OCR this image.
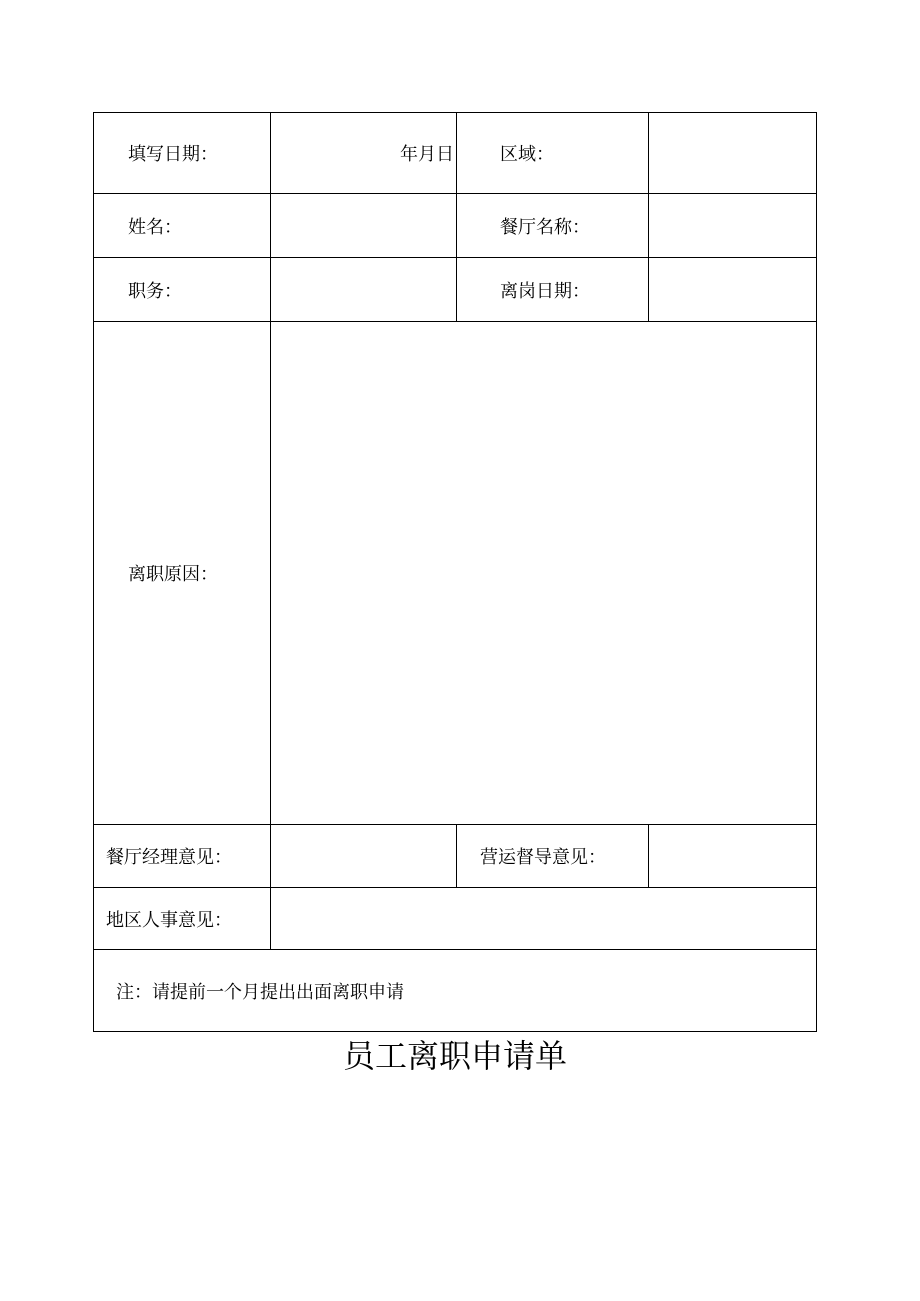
填写日期：	年月日	区域：	
姓名：		餐厅名称：	
职务：		离岗日期：	
离职原因：			
餐厅经理意见：		营运督导意见：	
地区人事意见：			
注：请提前一个月提出出面离职申请			
员工离职申请单
